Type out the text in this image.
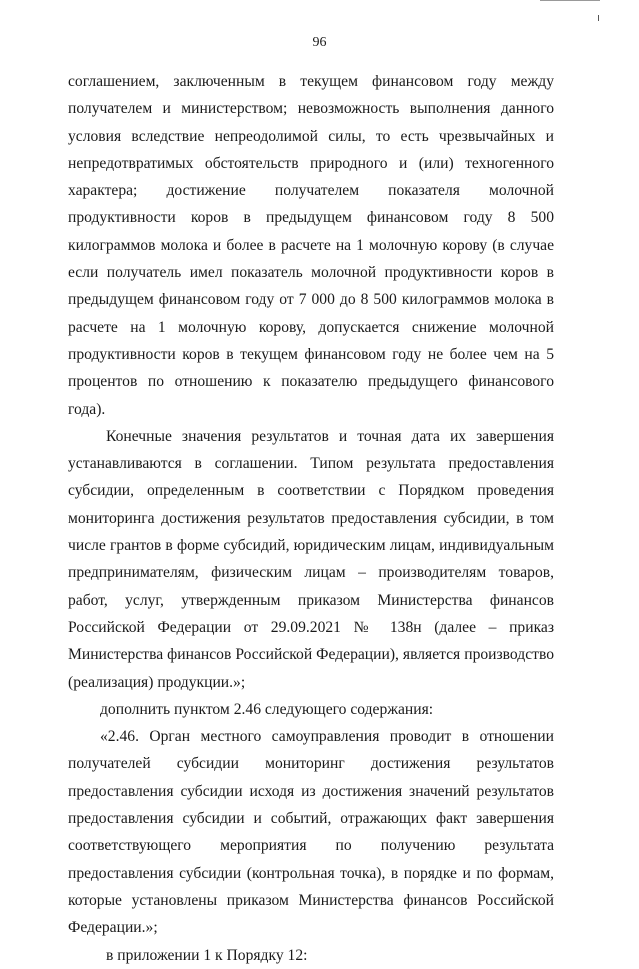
96

соглашением, заключенным в текущем финансовом году между получателем и министерством; невозможность выполнения данного условия вследствие непреодолимой силы, то есть чрезвычайных и непредотвратимых обстоятельств природного и (или) техногенного характера; достижение получателем показателя молочной продуктивности коров в предыдущем финансовом году 8 500 килограммов молока и более в расчете на 1 молочную корову (в случае если получатель имел показатель молочной продуктивности коров в предыдущем финансовом году от 7 000 до 8 500 килограммов молока в расчете на 1 молочную корову, допускается снижение молочной продуктивности коров в текущем финансовом году не более чем на 5 процентов по отношению к показателю предыдущего финансового года).

Конечные значения результатов и точная дата их завершения устанавливаются в соглашении. Типом результата предоставления субсидии, определенным в соответствии с Порядком проведения мониторинга достижения результатов предоставления субсидии, в том числе грантов в форме субсидий, юридическим лицам, индивидуальным предпринимателям, физическим лицам – производителям товаров, работ, услуг, утвержденным приказом Министерства финансов Российской Федерации от 29.09.2021 № 138н (далее – приказ Министерства финансов Российской Федерации), является производство (реализация) продукции.»;

дополнить пунктом 2.46 следующего содержания:

«2.46. Орган местного самоуправления проводит в отношении получателей субсидии мониторинг достижения результатов предоставления субсидии исходя из достижения значений результатов предоставления субсидии и событий, отражающих факт завершения соответствующего мероприятия по получению результата предоставления субсидии (контрольная точка), в порядке и по формам, которые установлены приказом Министерства финансов Российской Федерации.»;

в приложении 1 к Порядку 12:
